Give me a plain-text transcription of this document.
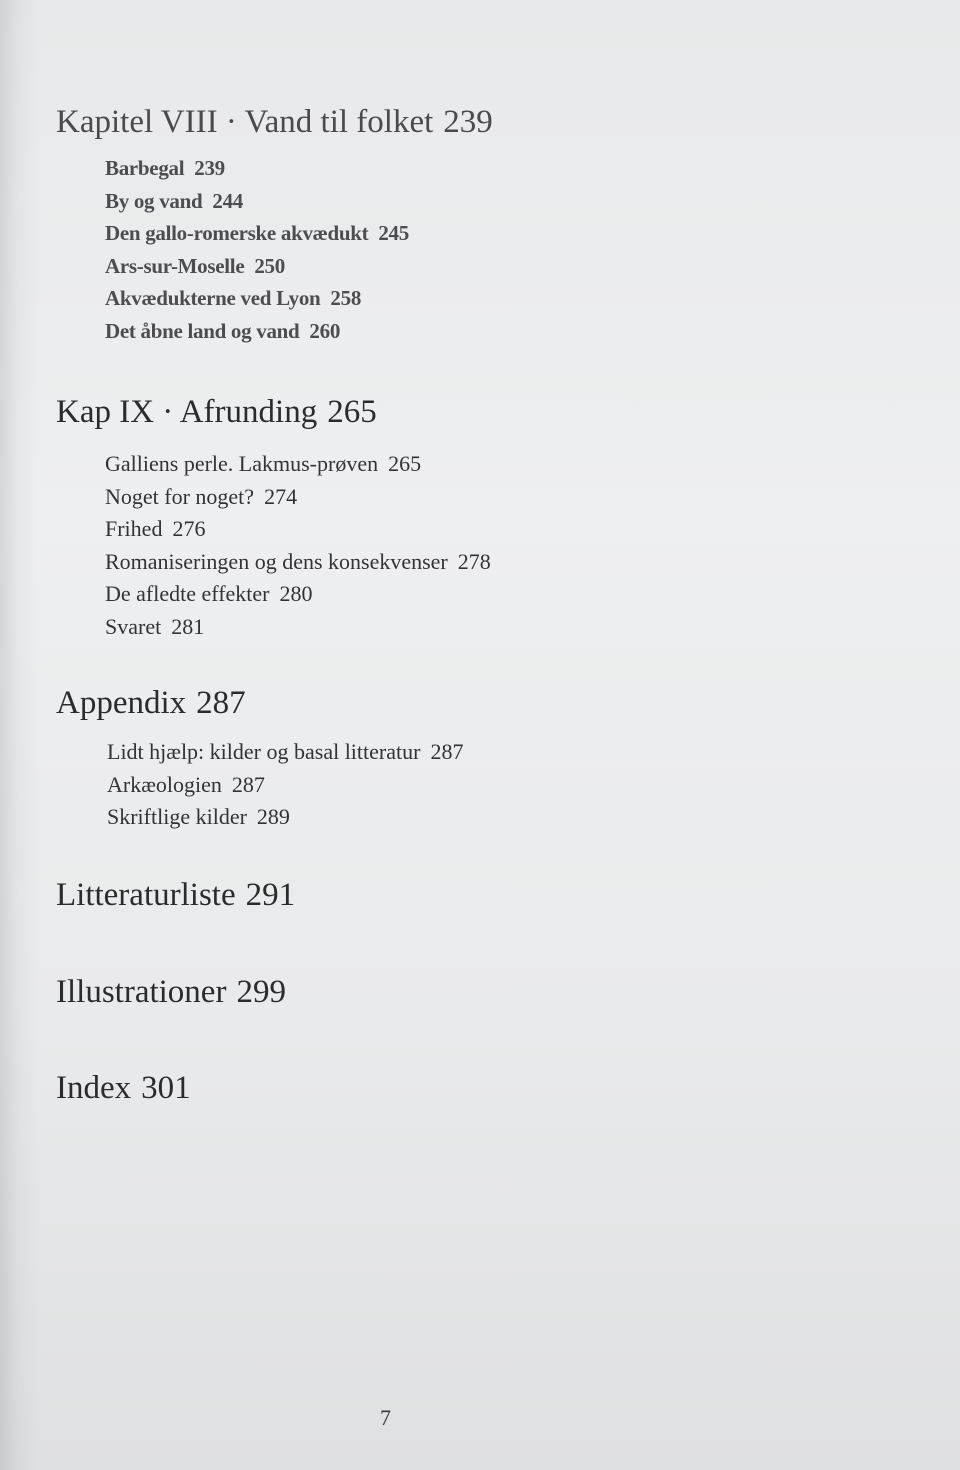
Kapitel VIII · Vand til folket 239
Barbegal 239
By og vand 244
Den gallo-romerske akvædukt 245
Ars-sur-Moselle 250
Akvædukterne ved Lyon 258
Det åbne land og vand 260
Kap IX · Afrunding 265
Galliens perle. Lakmus-prøven 265
Noget for noget? 274
Frihed 276
Romaniseringen og dens konsekvenser 278
De afledte effekter 280
Svaret 281
Appendix 287
Lidt hjælp: kilder og basal litteratur 287
Arkæologien 287
Skriftlige kilder 289
Litteraturliste 291
Illustrationer 299
Index 301
7
